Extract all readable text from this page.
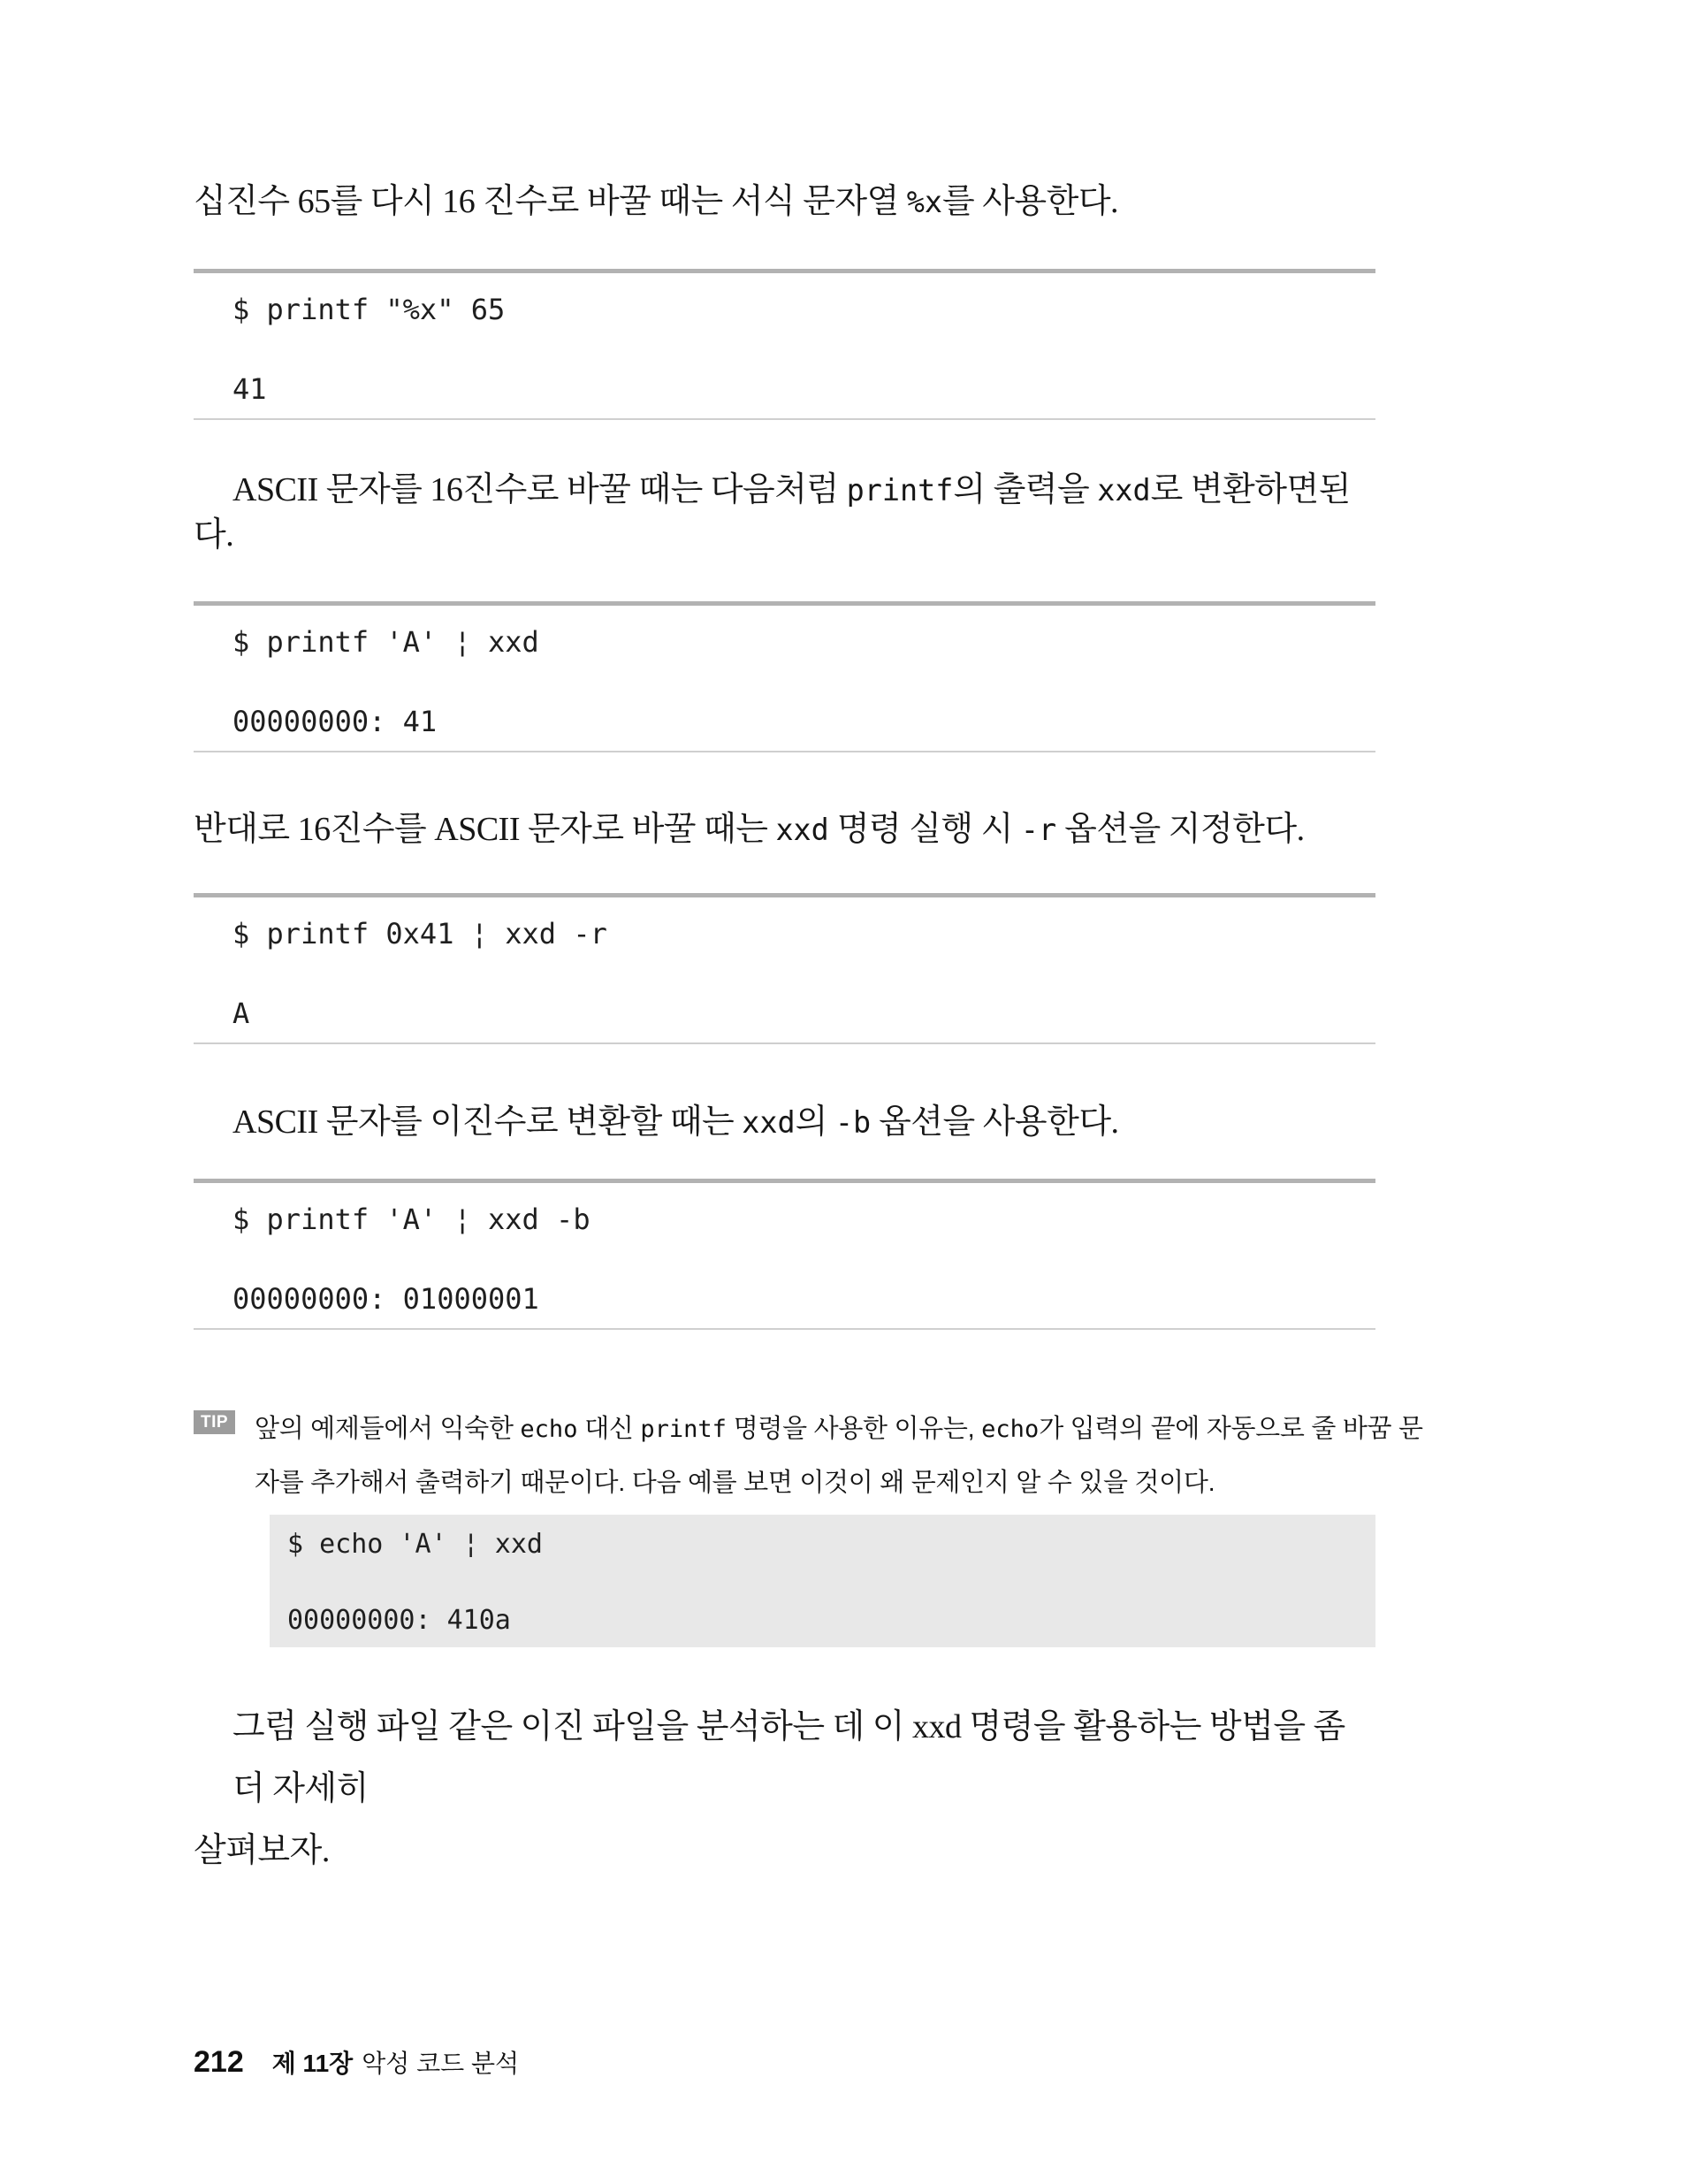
십진수 65를 다시 16 진수로 바꿀 때는 서식 문자열 %x를 사용한다.

$ printf "%x" 65
41

ASCII 문자를 16진수로 바꿀 때는 다음처럼 printf의 출력을 xxd로 변환하면된다.

$ printf 'A' ¦ xxd
00000000: 41

반대로 16진수를 ASCII 문자로 바꿀 때는 xxd 명령 실행 시 -r 옵션을 지정한다.

$ printf 0x41 ¦ xxd -r
A

ASCII 문자를 이진수로 변환할 때는 xxd의 -b 옵션을 사용한다.

$ printf 'A' ¦ xxd -b
00000000: 01000001
TIP 앞의 예제들에서 익숙한 echo 대신 printf 명령을 사용한 이유는, echo가 입력의 끝에 자동으로 줄 바꿈 문
자를 추가해서 출력하기 때문이다. 다음 예를 보면 이것이 왜 문제인지 알 수 있을 것이다.
$ echo 'A' ¦ xxd
00000000: 410a

그럼 실행 파일 같은 이진 파일을 분석하는 데 이 xxd 명령을 활용하는 방법을 좀 더 자세히
살펴보자.

212 제 11장 악성 코드 분석
